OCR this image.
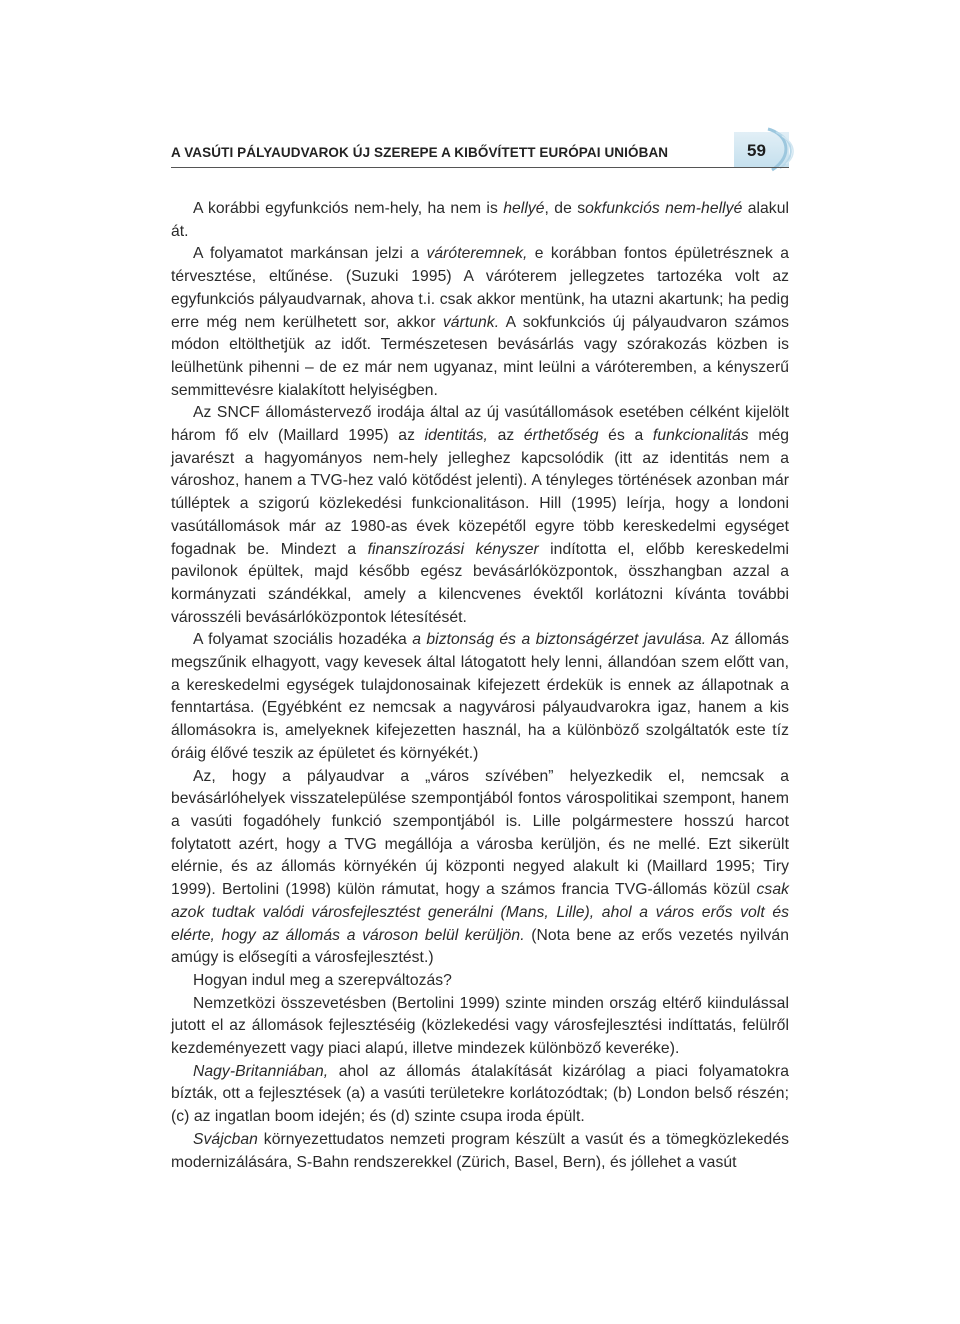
A VASÚTI PÁLYAUDVAROK ÚJ SZEREPE A KIBŐVÍTETT EURÓPAI UNIÓBAN	59

A korábbi egyfunkciós nem-hely, ha nem is hellyé, de sokfunkciós nem-hellyé alakul át.

A folyamatot markánsan jelzi a váróteremnek, e korábban fontos épületrésznek a térvesztése, eltűnése. (Suzuki 1995) A váróterem jellegzetes tartozéka volt az egyfunkciós pályaudvarnak, ahova t.i. csak akkor mentünk, ha utazni akartunk; ha pedig erre még nem kerülhetett sor, akkor vártunk. A sokfunkciós új pályaudvaron számos módon eltölthetjük az időt. Természetesen bevásárlás vagy szórakozás közben is leülhetünk pihenni – de ez már nem ugyanaz, mint leülni a váróteremben, a kényszerű semmittevésre kialakított helyiségben.

Az SNCF állomástervező irodája által az új vasútállomások esetében célként kijelölt három fő elv (Maillard 1995) az identitás, az érthetőség és a funkcionalitás még javarészt a hagyományos nem-hely jelleghez kapcsolódik (itt az identitás nem a városhoz, hanem a TVG-hez való kötődést jelenti). A tényleges történések azonban már túlléptek a szigorú közlekedési funkcionalitáson. Hill (1995) leírja, hogy a londoni vasútállomások már az 1980-as évek közepétől egyre több kereskedelmi egységet fogadnak be. Mindezt a finanszírozási kényszer indította el, előbb kereskedelmi pavilonok épültek, majd később egész bevásárlóközpontok, összhangban azzal a kormányzati szándékkal, amely a kilencvenes évektől korlátozni kívánta további városszéli bevásárlóközpontok létesítését.

A folyamat szociális hozadéka a biztonság és a biztonságérzet javulása. Az állomás megszűnik elhagyott, vagy kevesek által látogatott hely lenni, állandóan szem előtt van, a kereskedelmi egységek tulajdonosainak kifejezett érdekük is ennek az állapotnak a fenntartása. (Egyébként ez nemcsak a nagyvárosi pályaudvarokra igaz, hanem a kis állomásokra is, amelyeknek kifejezetten használ, ha a különböző szolgáltatók este tíz óráig élővé teszik az épületet és környékét.)

Az, hogy a pályaudvar a „város szívében” helyezkedik el, nemcsak a bevásárlóhelyek visszatelepülése szempontjából fontos várospolitikai szempont, hanem a vasúti fogadóhely funkció szempontjából is. Lille polgármestere hosszú harcot folytatott azért, hogy a TVG megállója a városba kerüljön, és ne mellé. Ezt sikerült elérnie, és az állomás környékén új központi negyed alakult ki (Maillard 1995; Tiry 1999). Bertolini (1998) külön rámutat, hogy a számos francia TVG-állomás közül csak azok tudtak valódi városfejlesztést generálni (Mans, Lille), ahol a város erős volt és elérte, hogy az állomás a városon belül kerüljön. (Nota bene az erős vezetés nyilván amúgy is elősegíti a városfejlesztést.)

Hogyan indul meg a szerepváltozás?

Nemzetközi összevetésben (Bertolini 1999) szinte minden ország eltérő kiindulással jutott el az állomások fejlesztéséig (közlekedési vagy városfejlesztési indíttatás, felülről kezdeményezett vagy piaci alapú, illetve mindezek különböző keveréke).

Nagy-Britanniában, ahol az állomás átalakítását kizárólag a piaci folyamatokra bízták, ott a fejlesztések (a) a vasúti területekre korlátozódtak; (b) London belső részén; (c) az ingatlan boom idején; és (d) szinte csupa iroda épült.

Svájcban környezettudatos nemzeti program készült a vasút és a tömegközlekedés modernizálására, S-Bahn rendszerekkel (Zürich, Basel, Bern), és jóllehet a vasút
